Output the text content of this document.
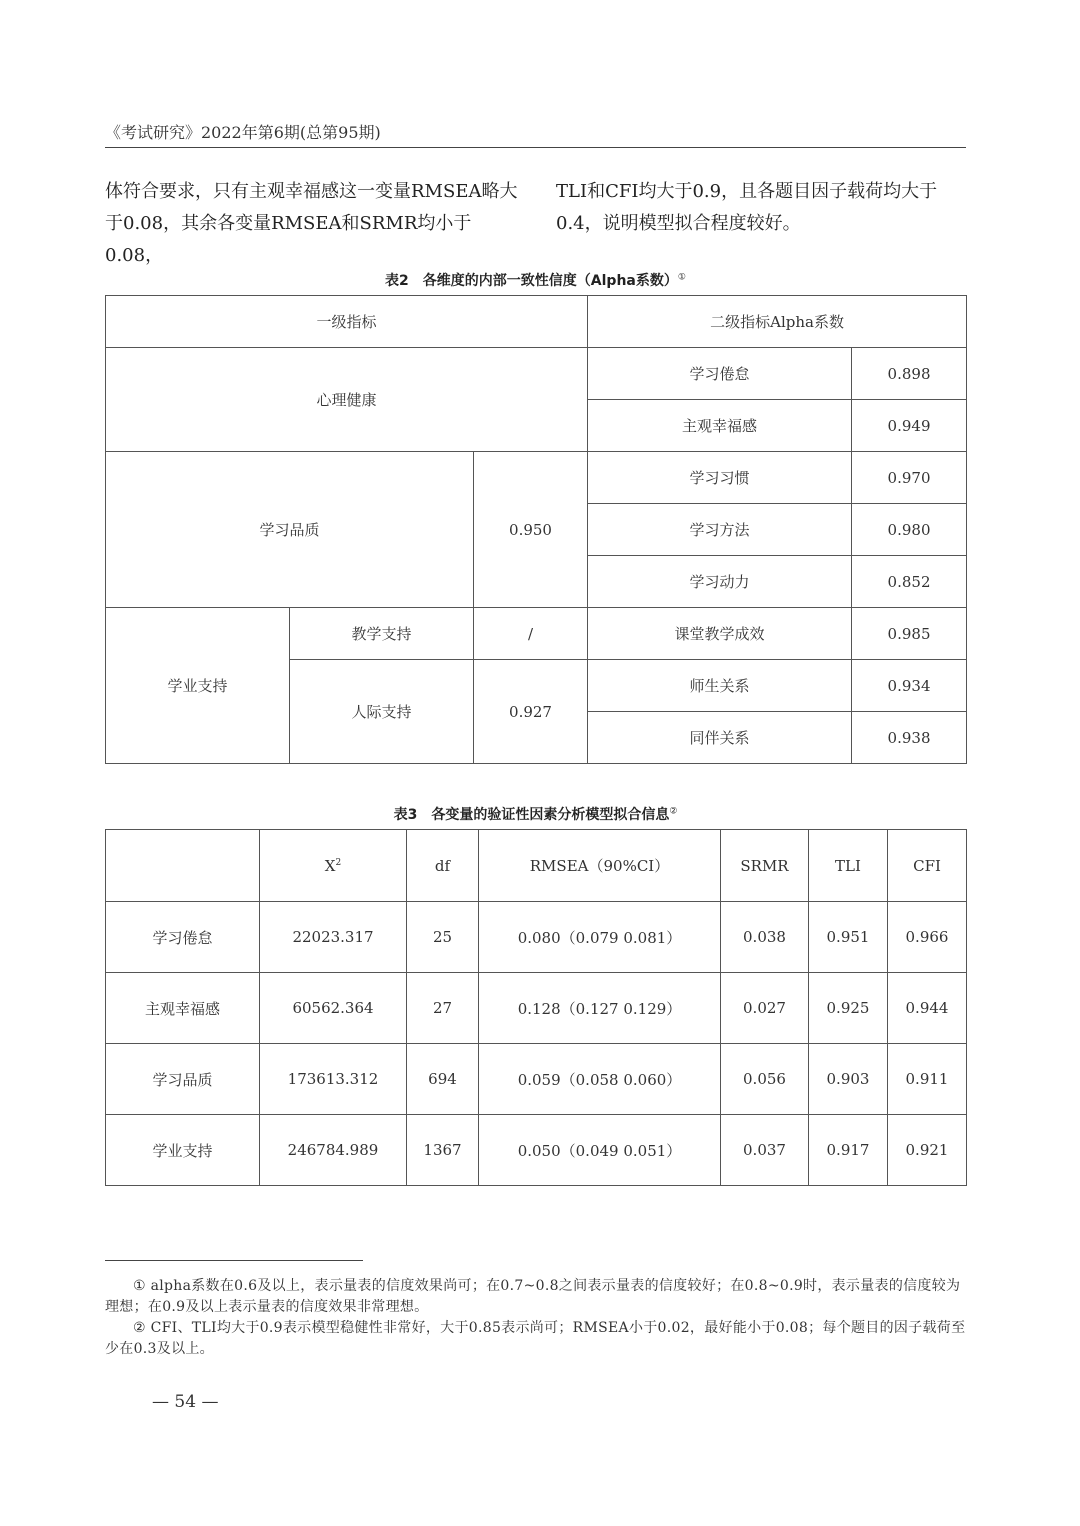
《考试研究》2022年第6期(总第95期)
体符合要求，只有主观幸福感这一变量RMSEA略大于0.08，其余各变量RMSEA和SRMR均小于0.08，
TLI和CFI均大于0.9，且各题目因子载荷均大于0.4，说明模型拟合程度较好。
表2　各维度的内部一致性信度（Alpha系数）①
一级指标			二级指标Alpha系数	
心理健康			学习倦怠	0.898
			主观幸福感	0.949
学习品质		0.950	学习习惯	0.970
			学习方法	0.980
			学习动力	0.852
学业支持	教学支持	/	课堂教学成效	0.985
	人际支持	0.927	师生关系	0.934
			同伴关系	0.938
表3　各变量的验证性因素分析模型拟合信息②
	$X^2$	df	RMSEA（90%CI）	SRMR	TLI	CFI
学习倦怠	22023.317	25	0.080（0.079 0.081）	0.038	0.951	0.966
主观幸福感	60562.364	27	0.128（0.127 0.129）	0.027	0.925	0.944
学习品质	173613.312	694	0.059（0.058 0.060）	0.056	0.903	0.911
学业支持	246784.989	1367	0.050（0.049 0.051）	0.037	0.917	0.921

① alpha系数在0.6及以上，表示量表的信度效果尚可；在0.7~0.8之间表示量表的信度较好；在0.8~0.9时，表示量表的信度较为理想；在0.9及以上表示量表的信度效果非常理想。

② CFI、TLI均大于0.9表示模型稳健性非常好，大于0.85表示尚可；RMSEA小于0.02，最好能小于0.08；每个题目的因子载荷至少在0.3及以上。

— 54 —
